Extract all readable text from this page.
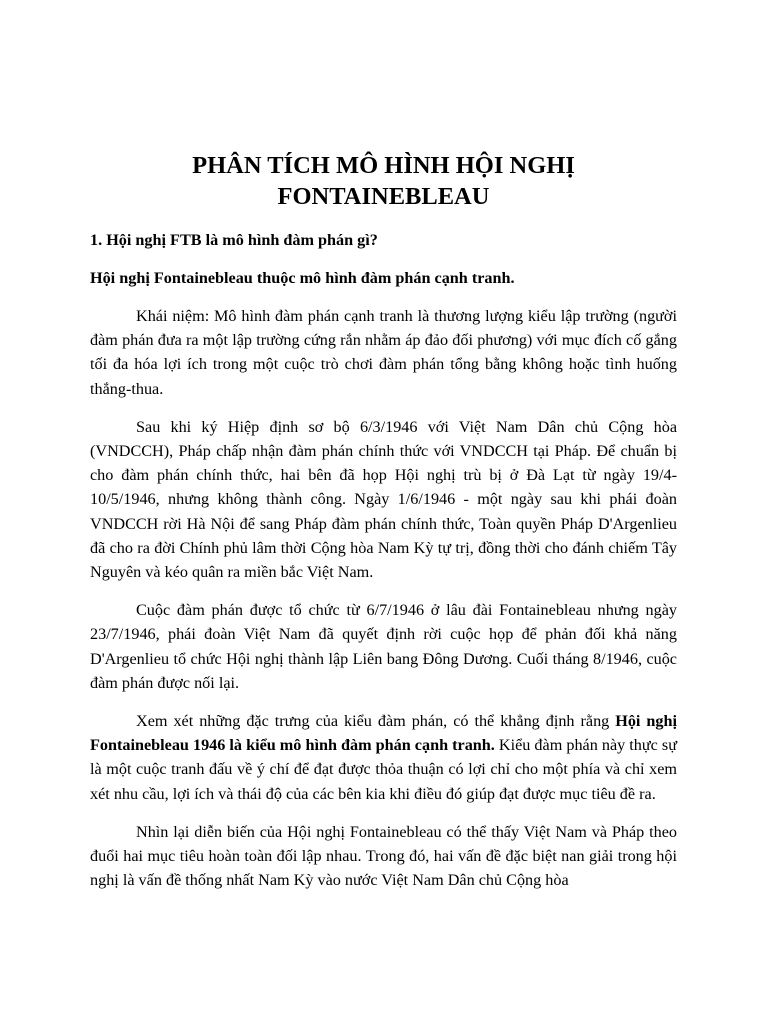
PHÂN TÍCH MÔ HÌNH HỘI NGHỊ
FONTAINEBLEAU

1. Hội nghị FTB là mô hình đàm phán gì?

Hội nghị Fontainebleau thuộc mô hình đàm phán cạnh tranh.

Khái niệm: Mô hình đàm phán cạnh tranh là thương lượng kiểu lập trường (người đàm phán đưa ra một lập trường cứng rắn nhằm áp đảo đối phương) với mục đích cố gắng tối đa hóa lợi ích trong một cuộc trò chơi đàm phán tổng bằng không hoặc tình huống thắng-thua.

Sau khi ký Hiệp định sơ bộ 6/3/1946 với Việt Nam Dân chủ Cộng hòa (VNDCCH), Pháp chấp nhận đàm phán chính thức với VNDCCH tại Pháp. Để chuẩn bị cho đàm phán chính thức, hai bên đã họp Hội nghị trù bị ở Đà Lạt từ ngày 19/4-10/5/1946, nhưng không thành công. Ngày 1/6/1946 - một ngày sau khi phái đoàn VNDCCH rời Hà Nội để sang Pháp đàm phán chính thức, Toàn quyền Pháp D'Argenlieu đã cho ra đời Chính phủ lâm thời Cộng hòa Nam Kỳ tự trị, đồng thời cho đánh chiếm Tây Nguyên và kéo quân ra miền bắc Việt Nam.

Cuộc đàm phán được tổ chức từ 6/7/1946 ở lâu đài Fontainebleau nhưng ngày 23/7/1946, phái đoàn Việt Nam đã quyết định rời cuộc họp để phản đối khả năng D'Argenlieu tổ chức Hội nghị thành lập Liên bang Đông Dương. Cuối tháng 8/1946, cuộc đàm phán được nối lại.

Xem xét những đặc trưng của kiểu đàm phán, có thể khẳng định rằng Hội nghị Fontainebleau 1946 là kiểu mô hình đàm phán cạnh tranh. Kiểu đàm phán này thực sự là một cuộc tranh đấu về ý chí để đạt được thỏa thuận có lợi chỉ cho một phía và chỉ xem xét nhu cầu, lợi ích và thái độ của các bên kia khi điều đó giúp đạt được mục tiêu đề ra.

Nhìn lại diễn biến của Hội nghị Fontainebleau có thể thấy Việt Nam và Pháp theo đuổi hai mục tiêu hoàn toàn đối lập nhau. Trong đó, hai vấn đề đặc biệt nan giải trong hội nghị là vấn đề thống nhất Nam Kỳ vào nước Việt Nam Dân chủ Cộng hòa
